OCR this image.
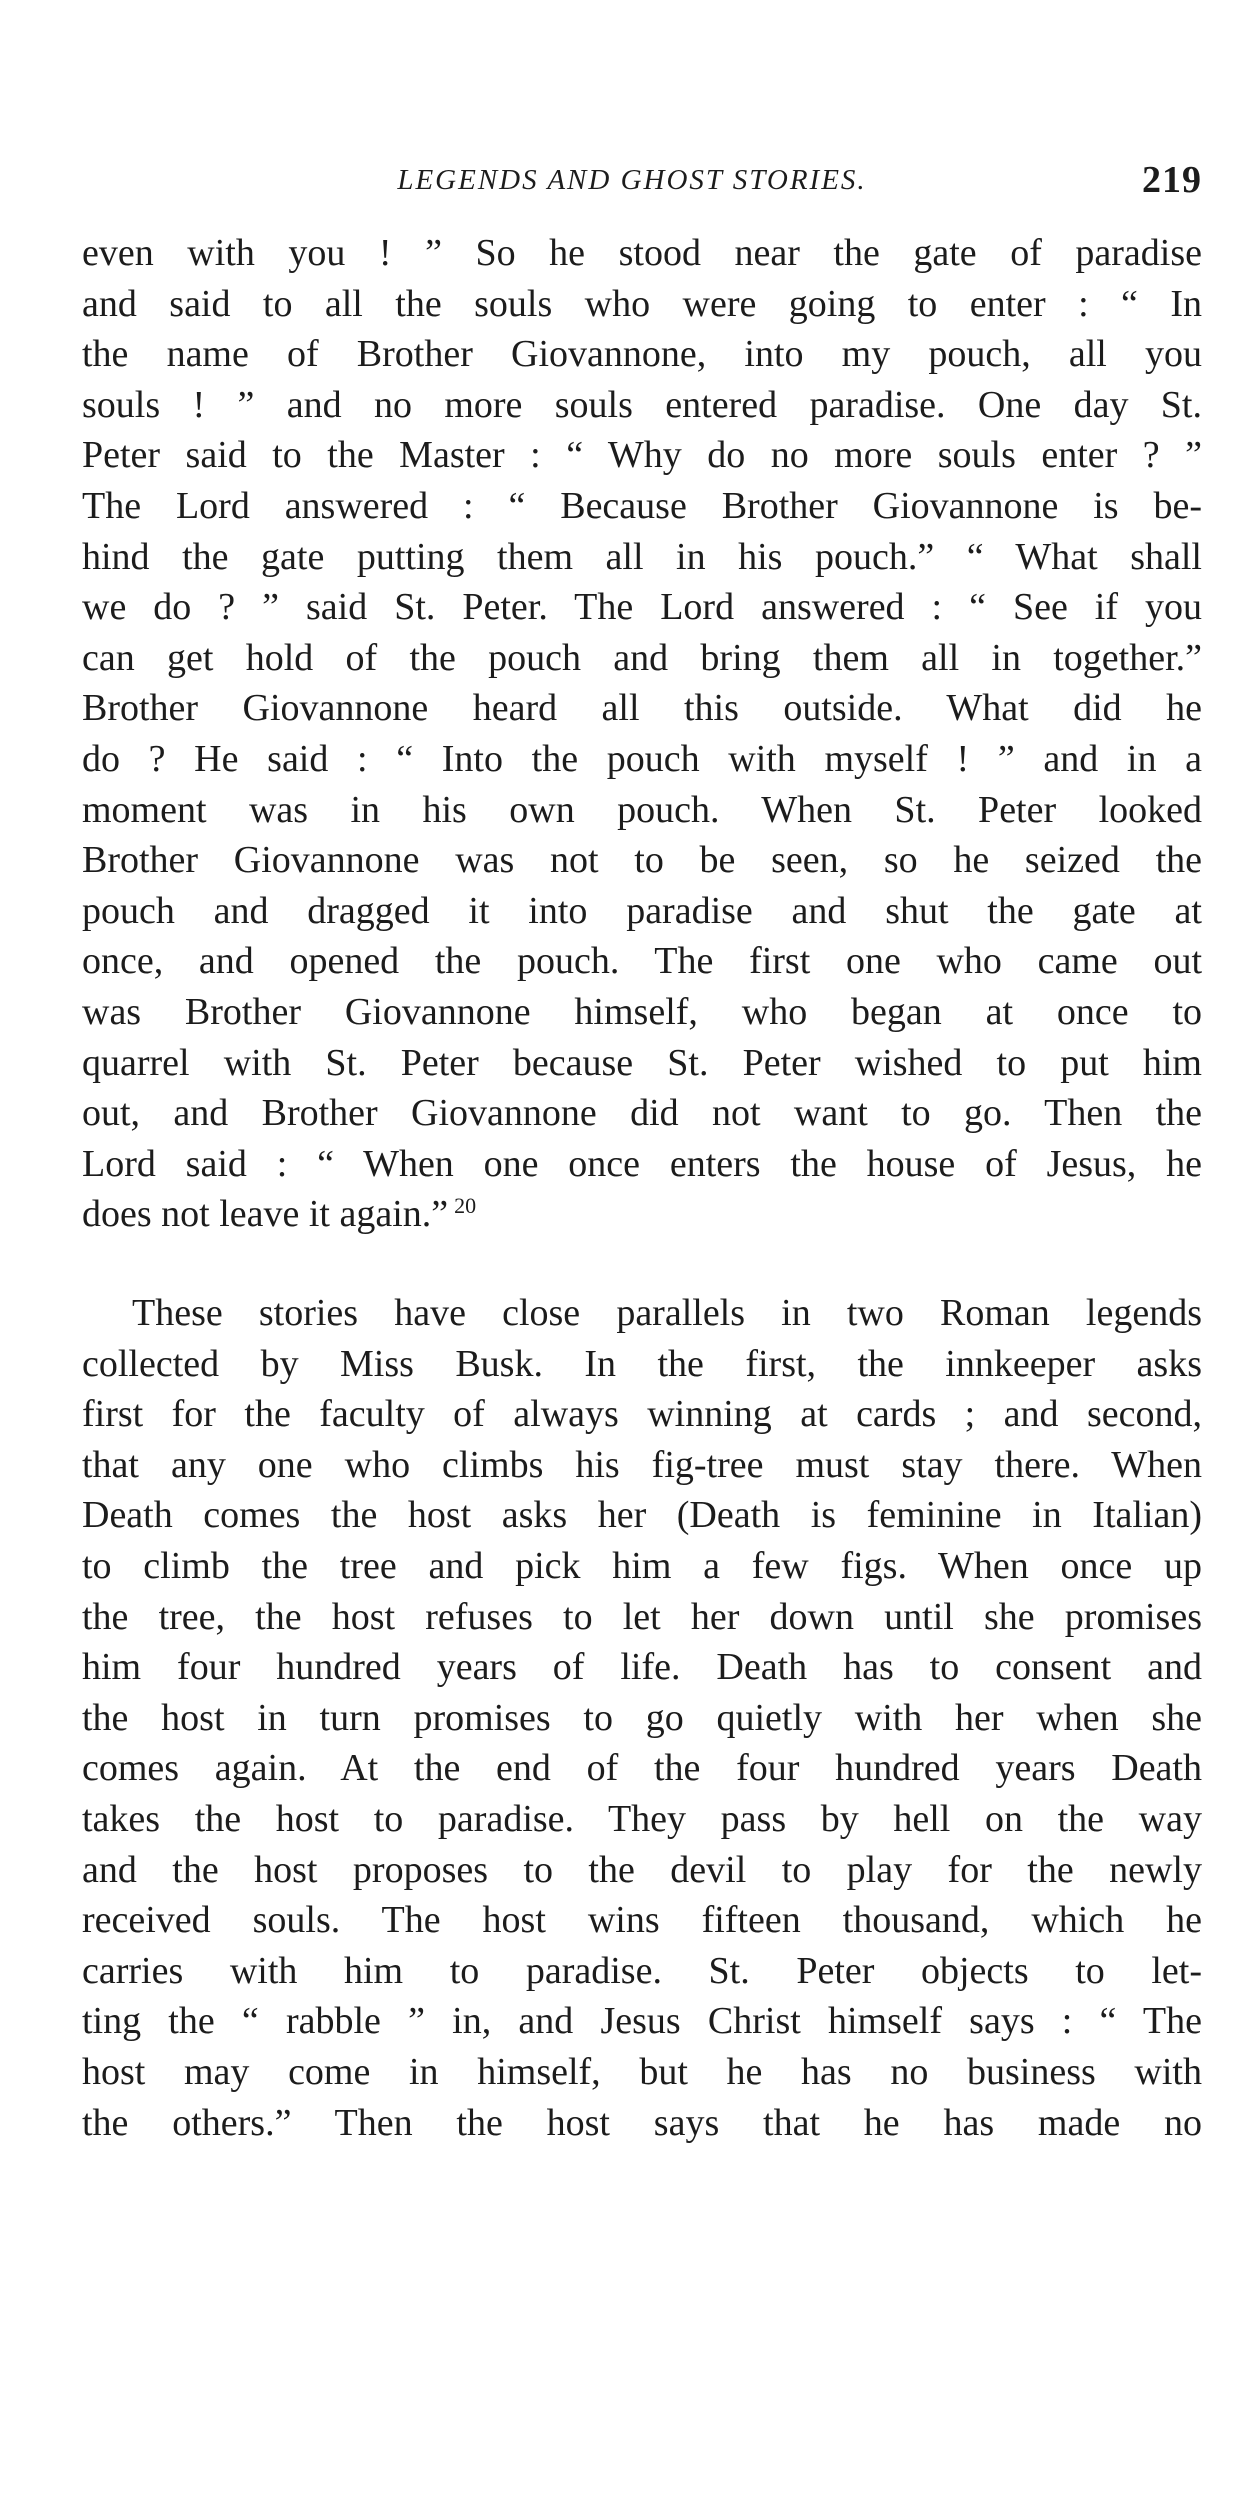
LEGENDS AND GHOST STORIES.	219
even with you ! ” So he stood near the gate of paradise
and said to all the souls who were going to enter : “ In
the name of Brother Giovannone, into my pouch, all you
souls ! ” and no more souls entered paradise. One day St.
Peter said to the Master : “ Why do no more souls enter ? ”
The Lord answered : “ Because Brother Giovannone is be-
hind the gate putting them all in his pouch.” “ What shall
we do ? ” said St. Peter. The Lord answered : “ See if you
can get hold of the pouch and bring them all in together.”
Brother Giovannone heard all this outside. What did he
do ? He said : “ Into the pouch with myself ! ” and in a
moment was in his own pouch. When St. Peter looked
Brother Giovannone was not to be seen, so he seized the
pouch and dragged it into paradise and shut the gate at
once, and opened the pouch. The first one who came out
was Brother Giovannone himself, who began at once to
quarrel with St. Peter because St. Peter wished to put him
out, and Brother Giovannone did not want to go. Then the
Lord said : “ When one once enters the house of Jesus, he
does not leave it again.” $^{20}$
These stories have close parallels in two Roman legends
collected by Miss Busk. In the first, the innkeeper asks
first for the faculty of always winning at cards ; and second,
that any one who climbs his fig-tree must stay there. When
Death comes the host asks her (Death is feminine in Italian)
to climb the tree and pick him a few figs. When once up
the tree, the host refuses to let her down until she promises
him four hundred years of life. Death has to consent and
the host in turn promises to go quietly with her when she
comes again. At the end of the four hundred years Death
takes the host to paradise. They pass by hell on the way
and the host proposes to the devil to play for the newly
received souls. The host wins fifteen thousand, which he
carries with him to paradise. St. Peter objects to let-
ting the “ rabble ” in, and Jesus Christ himself says : “ The
host may come in himself, but he has no business with
the others.” Then the host says that he has made no
